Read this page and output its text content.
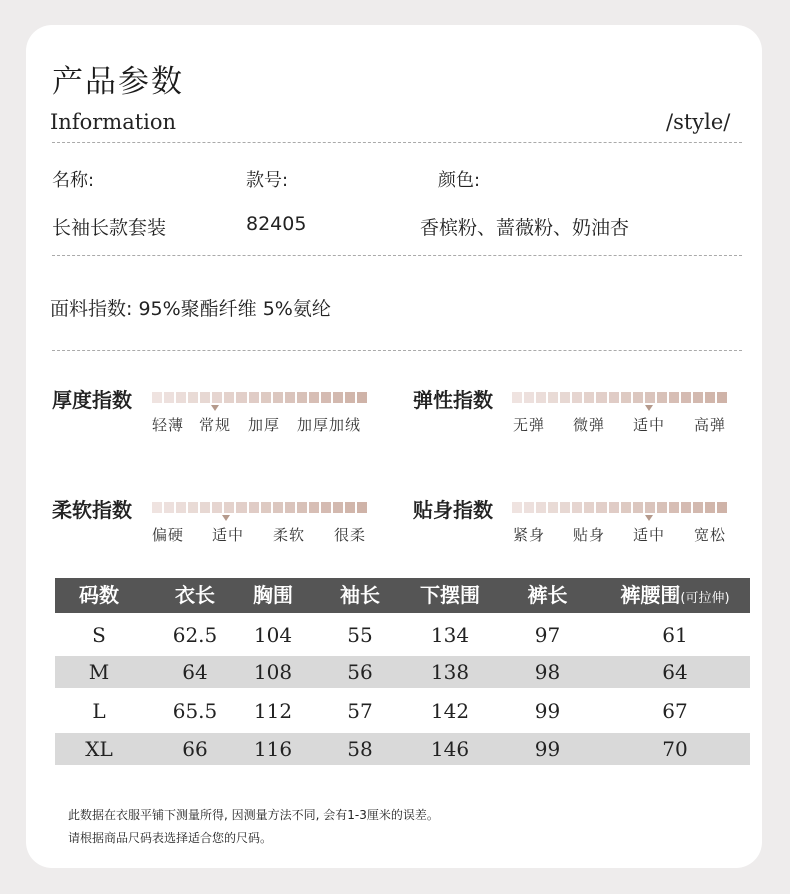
产品参数
Information	/style/
名称:	款号:	颜色:
长袖长款套装	82405	香槟粉、蔷薇粉、奶油杏
面料指数: 95%聚酯纤维 5%氨纶
厚度指数
轻薄 常规 加厚 加厚加绒
弹性指数
无弹 微弹 适中 高弹
柔软指数
偏硬 适中 柔软 很柔
贴身指数
紧身 贴身 适中 宽松
码数	衣长	胸围	袖长	下摆围	裤长	裤腰围(可拉伸)
S	62.5	104	55	134	97	61
M	64	108	56	138	98	64
L	65.5	112	57	142	99	67
XL	66	116	58	146	99	70
此数据在衣服平铺下测量所得, 因测量方法不同, 会有1-3厘米的误差。
请根据商品尺码表选择适合您的尺码。
